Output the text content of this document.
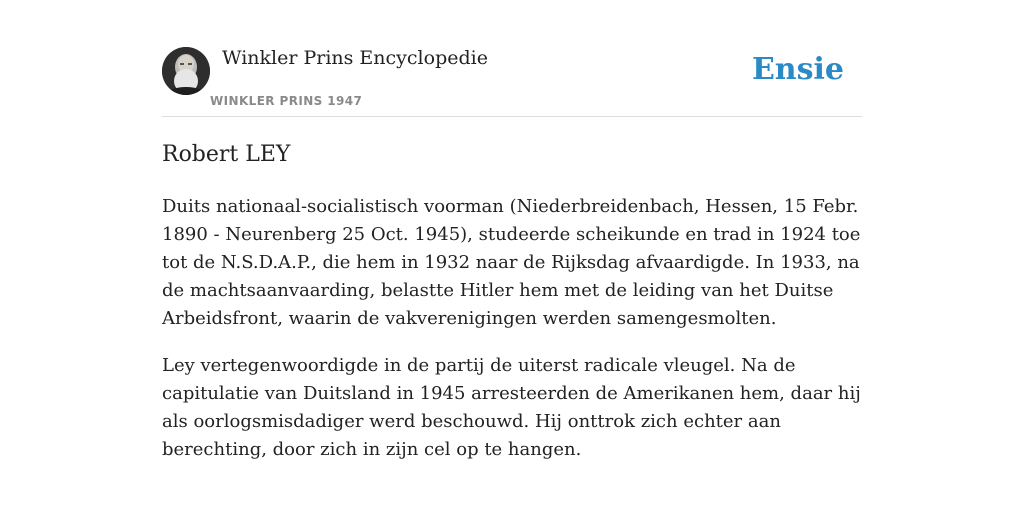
Winkler Prins Encyclopedie
WINKLER PRINS 1947
Ensie
Robert LEY

Duits nationaal-socialistisch voorman (Niederbreidenbach, Hessen, 15 Febr. 1890 - Neurenberg 25 Oct. 1945), studeerde scheikunde en trad in 1924 toe tot de N.S.D.A.P., die hem in 1932 naar de Rijksdag afvaardigde. In 1933, na de machtsaanvaarding, belastte Hitler hem met de leiding van het Duitse Arbeidsfront, waarin de vakverenigingen werden samengesmolten.

Ley vertegenwoordigde in de partij de uiterst radicale vleugel. Na de capitulatie van Duitsland in 1945 arresteerden de Amerikanen hem, daar hij als oorlogsmisdadiger werd beschouwd. Hij onttrok zich echter aan berechting, door zich in zijn cel op te hangen.
